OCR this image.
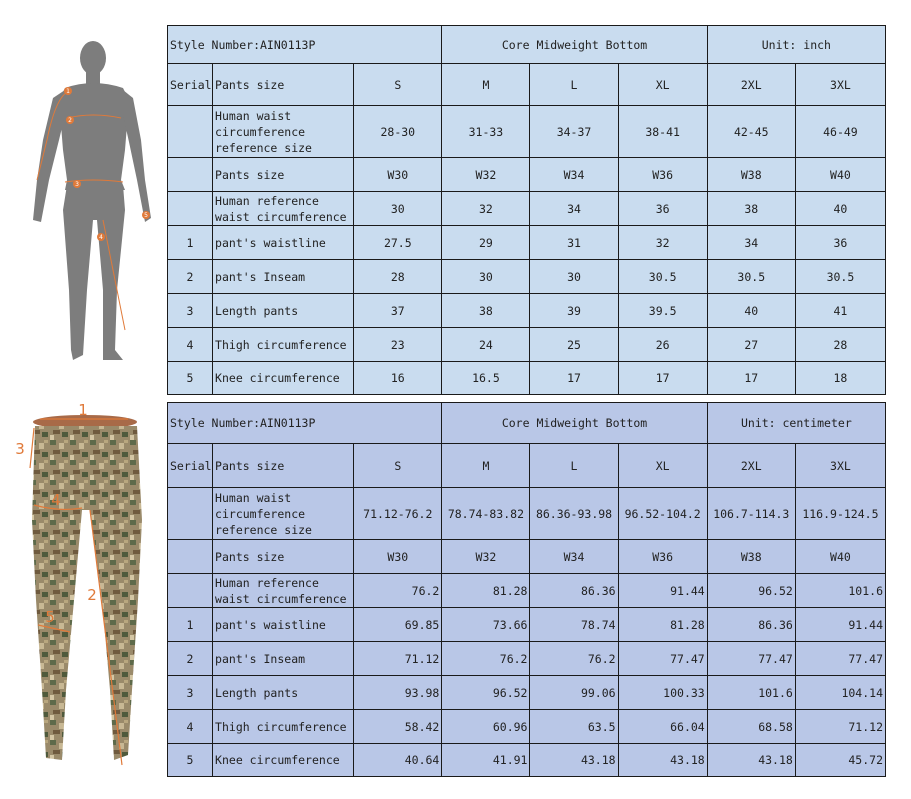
1
2
3
4
5
1
3
4
2
5
Style Number:AIN0113P			Core Midweight Bottom			Unit: inch	
Serial	Pants size	S	M	L	XL	2XL	3XL
	Human waist circumference reference size	28-30	31-33	34-37	38-41	42-45	46-49
	Pants size	W30	W32	W34	W36	W38	W40
	Human reference waist circumference	30	32	34	36	38	40
1	pant's waistline	27.5	29	31	32	34	36
2	pant's Inseam	28	30	30	30.5	30.5	30.5
3	Length pants	37	38	39	39.5	40	41
4	Thigh circumference	23	24	25	26	27	28
5	Knee circumference	16	16.5	17	17	17	18
Style Number:AIN0113P			Core Midweight Bottom			Unit: centimeter	
Serial	Pants size	S	M	L	XL	2XL	3XL
	Human waist circumference reference size	71.12-76.2	78.74-83.82	86.36-93.98	96.52-104.2	106.7-114.3	116.9-124.5
	Pants size	W30	W32	W34	W36	W38	W40
	Human reference waist circumference	76.2	81.28	86.36	91.44	96.52	101.6
1	pant's waistline	69.85	73.66	78.74	81.28	86.36	91.44
2	pant's Inseam	71.12	76.2	76.2	77.47	77.47	77.47
3	Length pants	93.98	96.52	99.06	100.33	101.6	104.14
4	Thigh circumference	58.42	60.96	63.5	66.04	68.58	71.12
5	Knee circumference	40.64	41.91	43.18	43.18	43.18	45.72
